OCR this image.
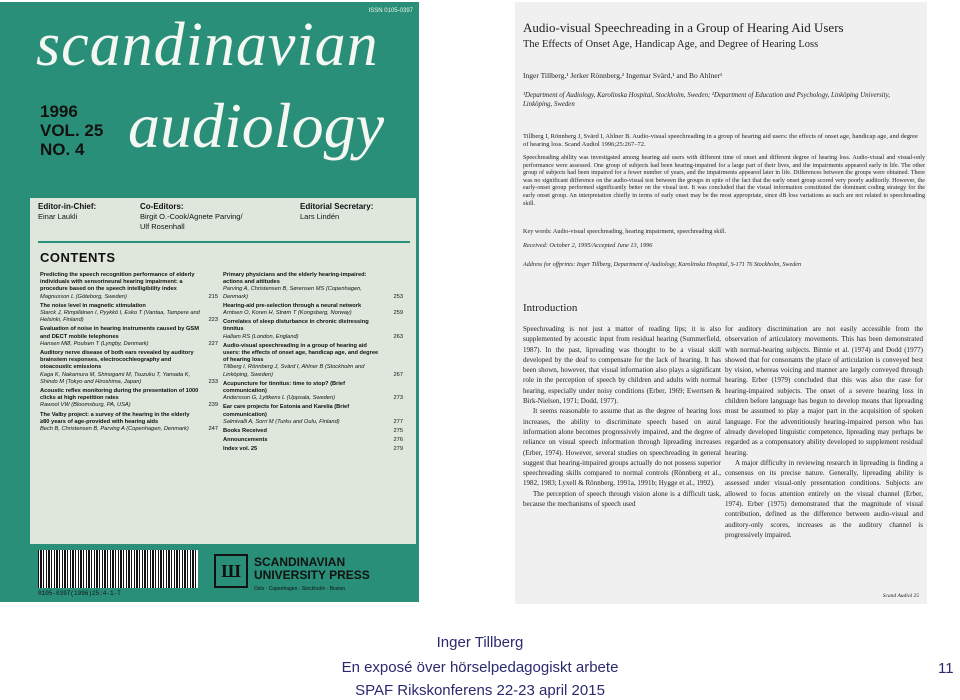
ISSN 0105-0397
scandinavian
1996
VOL. 25
NO. 4 audiology
Editor-in-Chief:
Einar Laukli
Co-Editors:
Birgit O.-Cook/Agnete Parving/
Ulf Rosenhall
Editorial Secretary:
Lars Lindén
CONTENTS
Predicting the speech recognition performance of elderly individuals with sensorineural hearing impairment: a procedure based on the speech intelligibility index
Magnusson L (Göteborg, Sweden)	215
The noise level in magnetic stimulation
Starck J, Rimpiläinen I, Pyykkö I, Esko T (Vantaa, Tampere and Helsinki, Finland)	223
Evaluation of noise in hearing instruments caused by GSM and DECT mobile telephones
Hansen MØ, Poulsen T (Lyngby, Denmark)	227
Auditory nerve disease of both ears revealed by auditory brainstem responses, electrocochleography and otoacoustic emissions
Kaga K, Nakamura M, Shinogami M, Tsuzuku T, Yamada K, Shindo M (Tokyo and Hiroshima, Japan)	233
Acoustic reflex monitoring during the presentation of 1000 clicks at high repetition rates
Rawool VW (Bloomsburg, PA, USA)	239
The Valby project: a survey of the hearing in the elderly ≥80 years of age-provided with hearing aids
Bech B, Christensen B, Parving A (Copenhagen, Denmark)	247
Primary physicians and the elderly hearing-impaired: actions and attitudes
Parving A, Christensen B, Sørensen MS (Copenhagen, Denmark)	253
Hearing-aid pre-selection through a neural network
Arntsen O, Koren H, Strøm T (Kongsberg, Norway)	259
Correlates of sleep disturbance in chronic distressing tinnitus
Hallam RS (London, England)	263
Audio-visual speechreading in a group of hearing aid users: the effects of onset age, handicap age, and degree of hearing loss
Tillberg I, Rönnberg J, Svärd I, Ahlner B (Stockholm and Linköping, Sweden)	267
Acupuncture for tinnitus: time to stop? (Brief communication)
Andersson G, Lyttkens L (Uppsala, Sweden)	273
Ear care projects for Estonia and Karelia (Brief communication)
Salmivalli A, Sorri M (Turku and Oulu, Finland)	277
Books Received	275
Announcements	276
Index vol. 25	279
0105-0397(1996)25:4-1-T
Ш	SCANDINAVIAN
UNIVERSITY PRESS
Oslo · Copenhagen · Stockholm · Boston
Audio-visual Speechreading in a Group of Hearing Aid Users
The Effects of Onset Age, Handicap Age, and Degree of Hearing Loss
Inger Tillberg,¹ Jerker Rönnberg,² Ingemar Svärd,¹ and Bo Ahlner¹
¹Department of Audiology, Karolinska Hospital, Stockholm, Sweden; ²Department of Education and Psychology, Linköping University, Linköping, Sweden
Tillberg I, Rönnberg J, Svärd I, Ahlner B. Audio-visual speechreading in a group of hearing aid users: the effects of onset age, handicap age, and degree of hearing loss. Scand Audiol 1996;25:267–72.
Speechreading ability was investigated among hearing aid users with different time of onset and different degree of hearing loss. Audio-visual and visual-only performance were assessed. One group of subjects had been hearing-impaired for a large part of their lives, and the impairments appeared early in life. The other group of subjects had been impaired for a fewer number of years, and the impairments appeared later in life. Differences between the groups were obtained. There was no significant difference on the audio-visual test between the groups in spite of the fact that the early onset group scored very poorly auditorily. However, the early-onset group performed significantly better on the visual test. It was concluded that the visual information constituted the dominant coding strategy for the early onset group. An interpretation chiefly in terms of early onset may be the most appropriate, since dB loss variations as such are not related to speechreading skill.
Key words: Audio-visual speechreading, hearing impairment, speechreading skill.
Received: October 2, 1995/Accepted June 13, 1996
Address for offprints: Inger Tillberg, Department of Audiology, Karolinska Hospital, S-171 76 Stockholm, Sweden
Introduction

Speechreading is not just a matter of reading lips; it is also supplemented by acoustic input from residual hearing (Summerfield, 1987). In the past, lipreading was thought to be a visual skill developed by the deaf to compensate for the lack of hearing. It has been shown, however, that visual information also plays a significant role in the perception of speech by children and adults with normal hearing, especially under noisy conditions (Erber, 1969; Ewertsen & Birk-Nielsen, 1971; Dodd, 1977).

It seems reasonable to assume that as the degree of hearing loss increases, the ability to discriminate speech based on aural information alone becomes progressively impaired, and the degree of reliance on visual speech information through lipreading increases (Erber, 1974). However, several studies on speechreading in general suggest that hearing-impaired groups actually do not possess superior speechreading skills compared to normal controls (Rönnberg et al., 1982, 1983; Lyxell & Rönnberg, 1991a, 1991b; Hygge et al., 1992).

The perception of speech through vision alone is a difficult task, because the mechanisms of speech used

for auditory discrimination are not easily accessible from the observation of articulatory movements. This has been demonstrated with normal-hearing subjects. Binnie et al. (1974) and Dodd (1977) showed that for consonants the place of articulation is conveyed best by vision, whereas voicing and manner are largely conveyed through hearing. Erber (1979) concluded that this was also the case for hearing-impaired subjects. The onset of a severe hearing loss in children before language has begun to develop means that lipreading must be assumed to play a major part in the acquisition of spoken language. For the adventitiously hearing-impaired person who has already developed linguistic competence, lipreading may perhaps be regarded as a compensatory ability developed to supplement residual hearing.

A major difficulty in reviewing research in lipreading is finding a consensus on its precise nature. Generally, lipreading ability is assessed under visual-only presentation conditions. Subjects are allowed to focus attention entirely on the visual channel (Erber, 1974). Erber (1975) demonstrated that the magnitude of visual contribution, defined as the difference between audio-visual and auditory-only scores, increases as the auditory channel is progressively impaired.

Scand Audiol 25
Inger Tillberg
En exposé över hörselpedagogiskt arbete
SPAF Rikskonferens 22-23 april 2015
11
